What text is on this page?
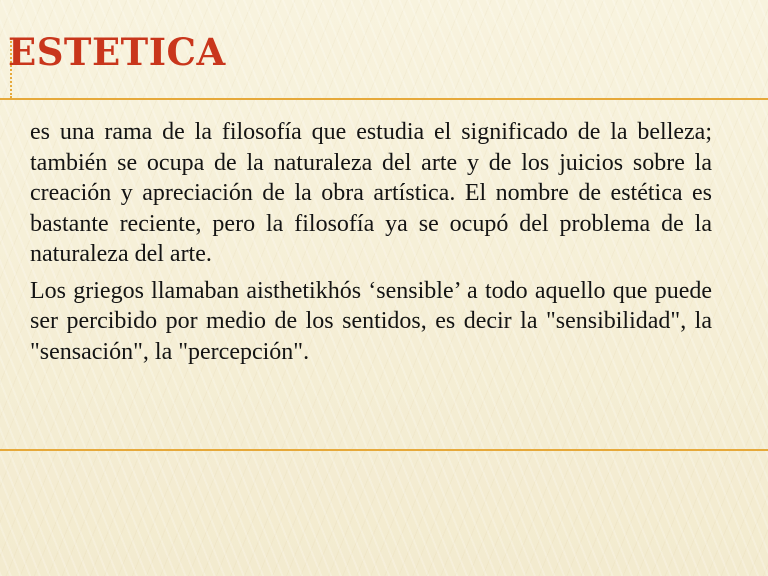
ESTETICA

es una rama de la filosofía que estudia el significado de la belleza; también se ocupa de la naturaleza del arte y de los juicios sobre la creación y apreciación de la obra artística. El nombre de estética es bastante reciente, pero la filosofía ya se ocupó del problema de la naturaleza del arte.

Los griegos llamaban aisthetikhós ‘sensible’ a todo aquello que puede ser percibido por medio de los sentidos, es decir la "sensibilidad", la "sensación", la "percepción".
